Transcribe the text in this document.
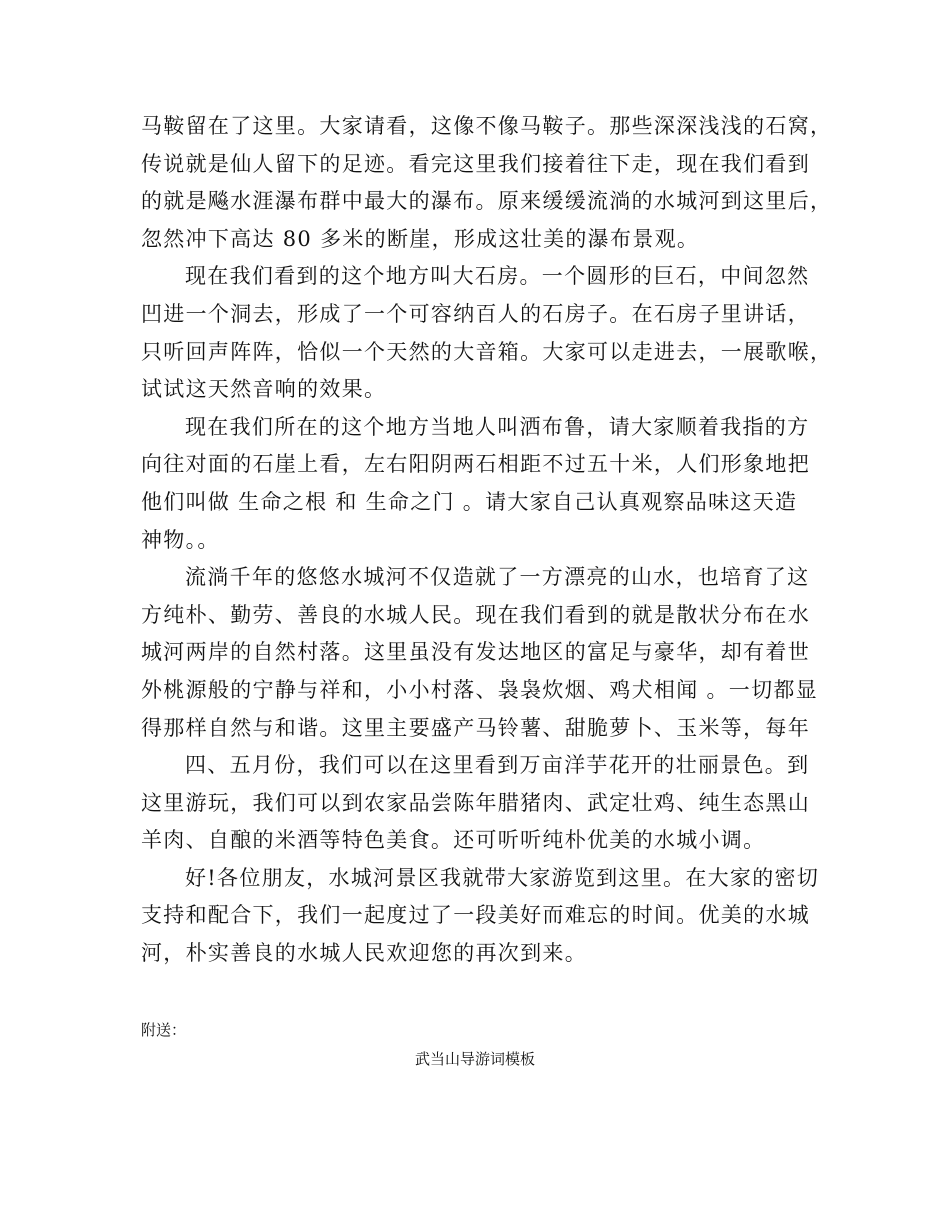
马鞍留在了这里。大家请看，这像不像马鞍子。那些深深浅浅的石窝，
传说就是仙人留下的足迹。看完这里我们接着往下走，现在我们看到
的就是飚水涯瀑布群中最大的瀑布。原来缓缓流淌的水城河到这里后，
忽然冲下高达 80 多米的断崖，形成这壮美的瀑布景观。
现在我们看到的这个地方叫大石房。一个圆形的巨石，中间忽然
凹进一个洞去，形成了一个可容纳百人的石房子。在石房子里讲话，
只听回声阵阵，恰似一个天然的大音箱。大家可以走进去，一展歌喉，
试试这天然音响的效果。
现在我们所在的这个地方当地人叫洒布鲁，请大家顺着我指的方
向往对面的石崖上看，左右阳阴两石相距不过五十米，人们形象地把
他们叫做 生命之根 和 生命之门 。请大家自己认真观察品味这天造
神物。。
流淌千年的悠悠水城河不仅造就了一方漂亮的山水，也培育了这
方纯朴、勤劳、善良的水城人民。现在我们看到的就是散状分布在水
城河两岸的自然村落。这里虽没有发达地区的富足与豪华，却有着世
外桃源般的宁静与祥和，小小村落、袅袅炊烟、鸡犬相闻 。一切都显
得那样自然与和谐。这里主要盛产马铃薯、甜脆萝卜、玉米等，每年
四、五月份，我们可以在这里看到万亩洋芋花开的壮丽景色。到
这里游玩，我们可以到农家品尝陈年腊猪肉、武定壮鸡、纯生态黑山
羊肉、自酿的米酒等特色美食。还可听听纯朴优美的水城小调。
好!各位朋友，水城河景区我就带大家游览到这里。在大家的密切
支持和配合下，我们一起度过了一段美好而难忘的时间。优美的水城
河，朴实善良的水城人民欢迎您的再次到来。
附送：
武当山导游词模板
